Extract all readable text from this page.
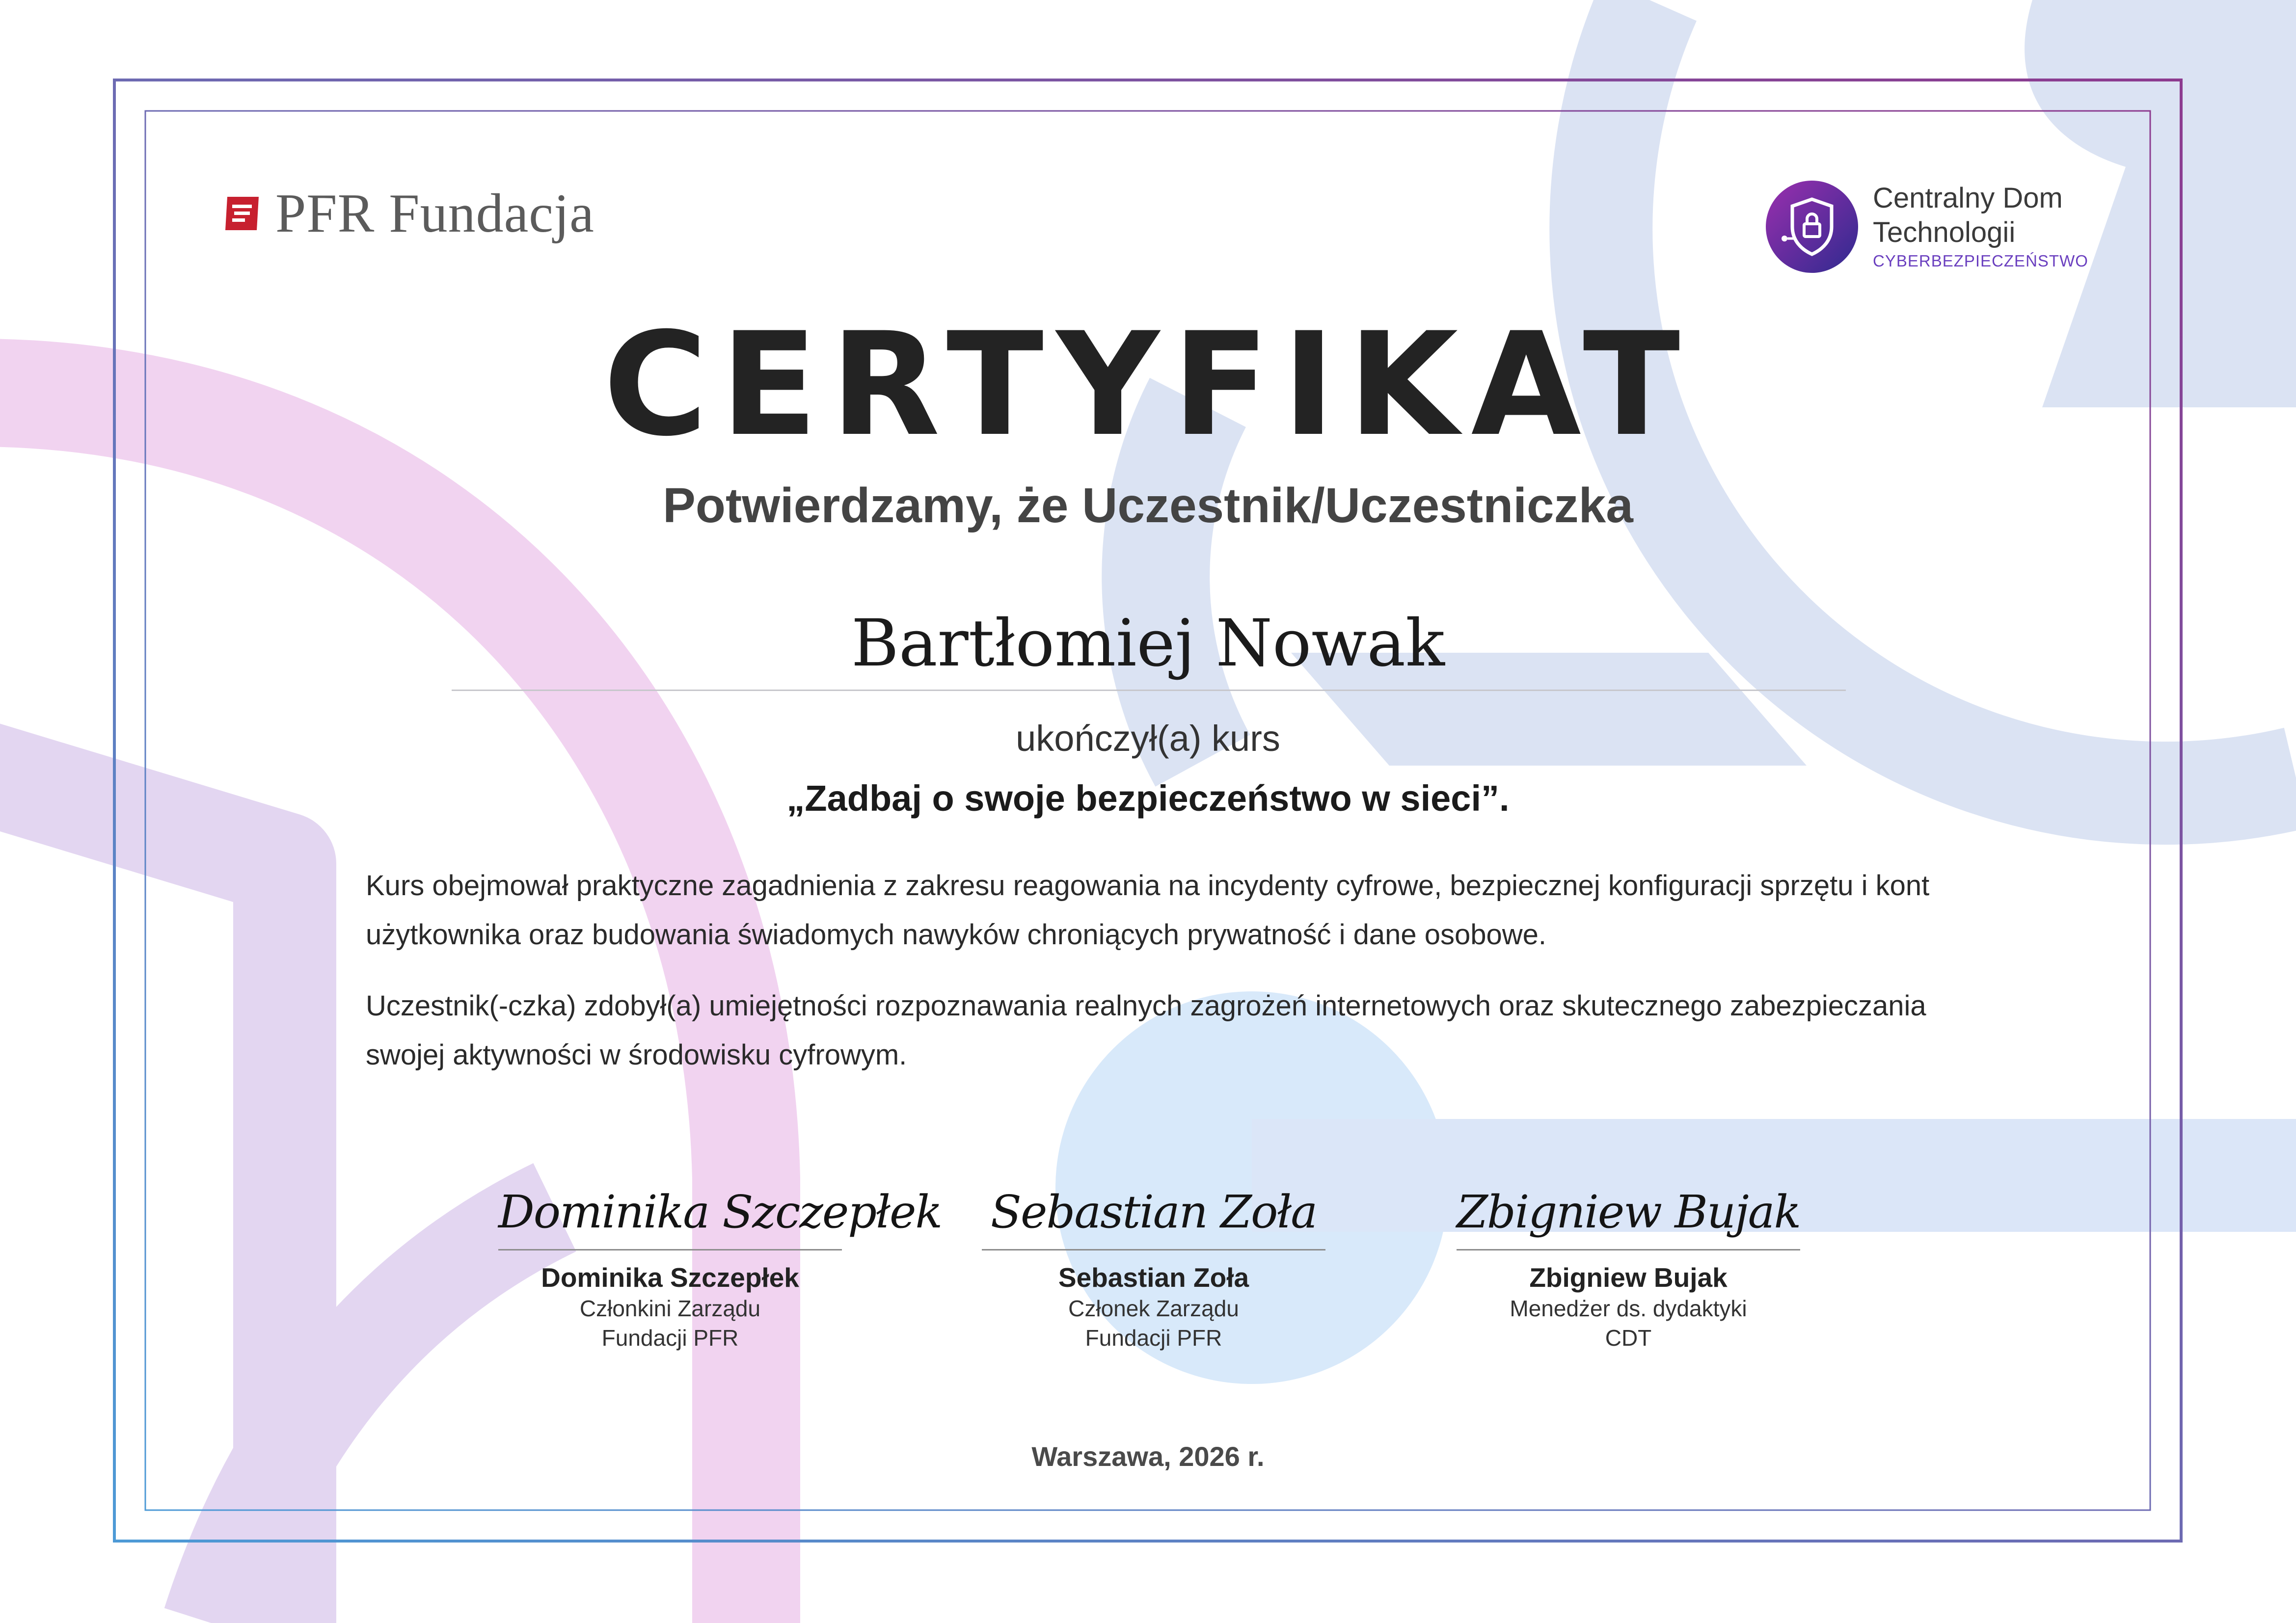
PFR Fundacja	Centralny Dom
Technologii
CYBERBEZPIECZEŃSTWO
CERTYFIKAT
Potwierdzamy, że Uczestnik/Uczestniczka
Bartłomiej Nowak
ukończył(a) kurs
„Zadbaj o swoje bezpieczeństwo w sieci”.
Kurs obejmował praktyczne zagadnienia z zakresu reagowania na incydenty cyfrowe, bezpiecznej konfiguracji sprzętu i kont użytkownika oraz budowania świadomych nawyków chroniących prywatność i dane osobowe.
Uczestnik(-czka) zdobył(a) umiejętności rozpoznawania realnych zagrożeń internetowych oraz skutecznego zabezpieczania swojej aktywności w środowisku cyfrowym.
Dominika Szczepłek
Dominika Szczepłek
Członkini Zarządu
Fundacji PFR
Sebastian Zoła
Sebastian Zoła
Członek Zarządu
Fundacji PFR
Zbigniew Bujak
Zbigniew Bujak
Menedżer ds. dydaktyki
CDT
Warszawa, 2026 r.
